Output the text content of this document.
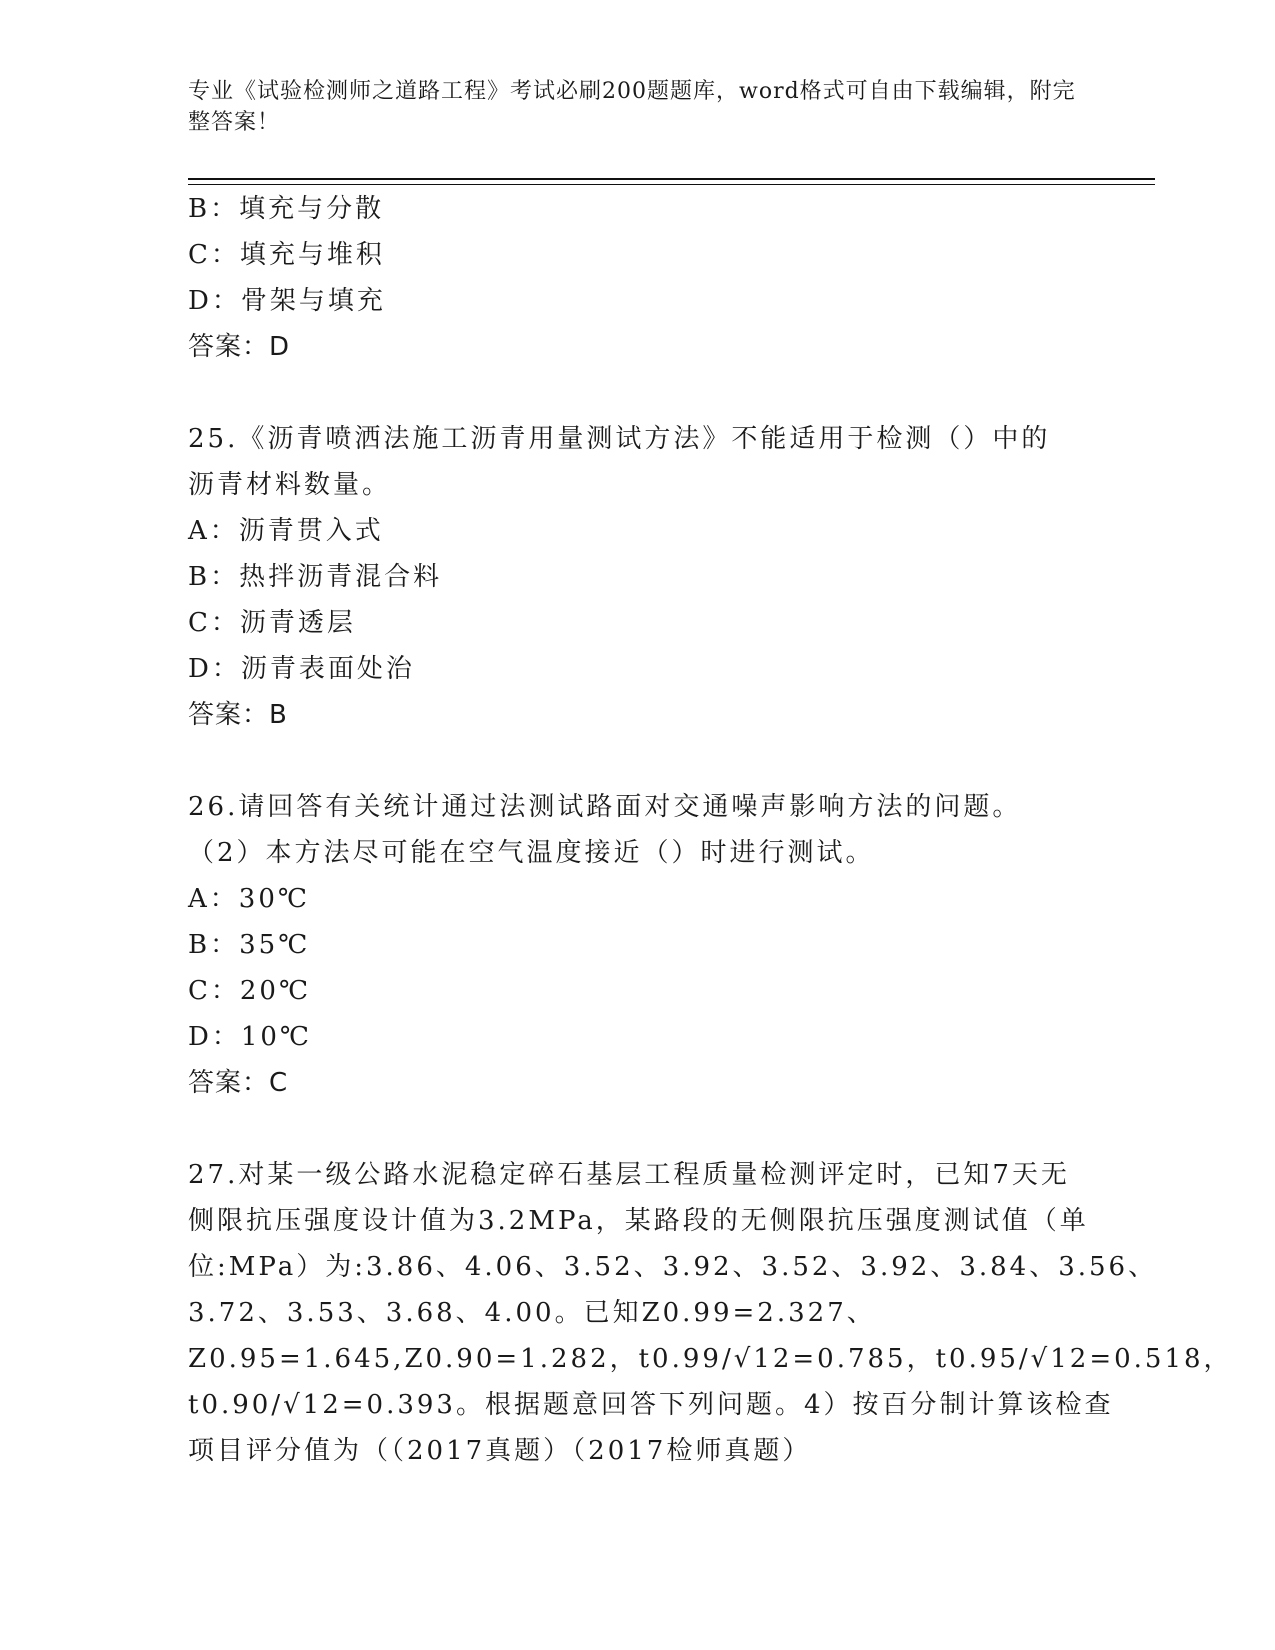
专业《试验检测师之道路工程》考试必刷200题题库，word格式可自由下载编辑，附完整答案！
B：填充与分散
C：填充与堆积
D：骨架与填充
答案：D
25.《沥青喷洒法施工沥青用量测试方法》不能适用于检测（）中的沥青材料数量。
A：沥青贯入式
B：热拌沥青混合料
C：沥青透层
D：沥青表面处治
答案：B
26.请回答有关统计通过法测试路面对交通噪声影响方法的问题。（2）本方法尽可能在空气温度接近（）时进行测试。
A：30℃
B：35℃
C：20℃
D：10℃
答案：C
27.对某一级公路水泥稳定碎石基层工程质量检测评定时，已知7天无
侧限抗压强度设计值为3.2MPa，某路段的无侧限抗压强度测试值（单
位:MPa）为:3.86、4.06、3.52、3.92、3.52、3.92、3.84、3.56、
3.72、3.53、3.68、4.00。已知Z0.99=2.327、
Z0.95=1.645,Z0.90=1.282，t0.99/√12=0.785，t0.95/√12=0.518，
t0.90/√12=0.393。根据题意回答下列问题。4）按百分制计算该检查
项目评分值为（（2017真题）（2017检师真题）
